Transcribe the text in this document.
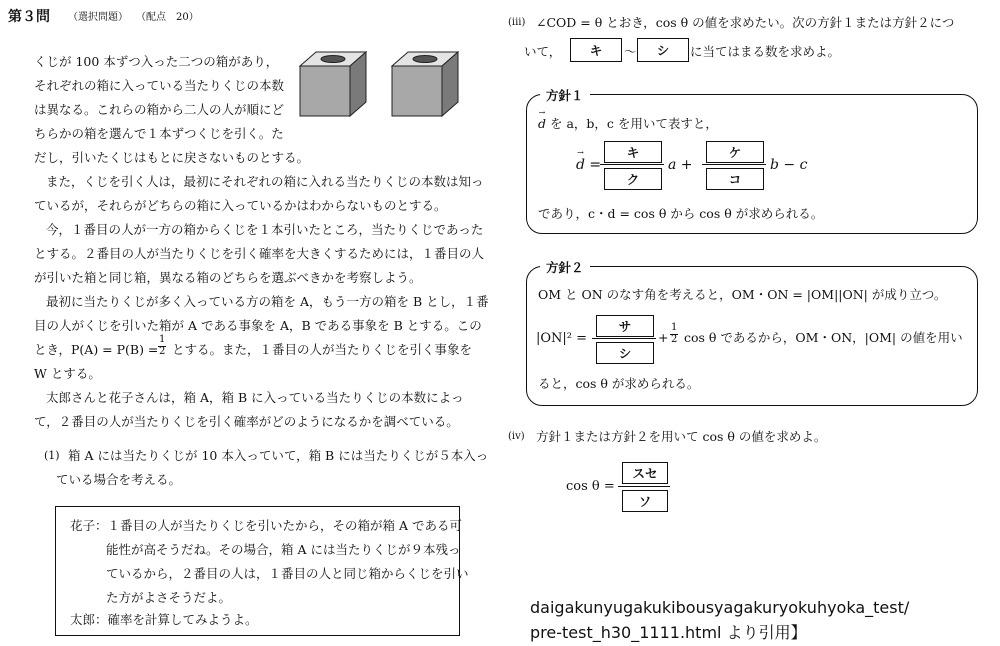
第３問 （選択問題） （配点　20）
くじが 100 本ずつ入った二つの箱があり，
それぞれの箱に入っている当たりくじの本数
は異なる。これらの箱から二人の人が順にど
ちらかの箱を選んで１本ずつくじを引く。た
だし，引いたくじはもとに戻さないものとする。
また，くじを引く人は，最初にそれぞれの箱に入れる当たりくじの本数は知っ
ているが，それらがどちらの箱に入っているかはわからないものとする。
今，１番目の人が一方の箱からくじを１本引いたところ，当たりくじであった
とする。２番目の人が当たりくじを引く確率を大きくするためには，１番目の人
が引いた箱と同じ箱，異なる箱のどちらを選ぶべきかを考察しよう。
最初に当たりくじが多く入っている方の箱を A，もう一方の箱を B とし，１番
目の人がくじを引いた箱が A である事象を A，B である事象を B とする。この
とき，$P(A) = P(B) = \frac{1}{2}$ とする。また，１番目の人が当たりくじを引く事象を
W とする。
太郎さんと花子さんは，箱 A，箱 B に入っている当たりくじの本数によっ
て，２番目の人が当たりくじを引く確率がどのようになるかを調べている。
(1) 箱 A には当たりくじが 10 本入っていて，箱 B には当たりくじが５本入っ
ている場合を考える。
花子：１番目の人が当たりくじを引いたから，その箱が箱 A である可
能性が高そうだね。その場合，箱 A には当たりくじが９本残っ
ているから，２番目の人は，１番目の人と同じ箱からくじを引い
た方がよさそうだよ。
太郎：確率を計算してみようよ。
(iii) ∠COD = θ とおき，cos θ の値を求めたい。次の方針１または方針２につ
いて，	キ	〜	シ	に当てはまる数を求めよ。
方針１
→ d を a，b，c を用いて表すと，
→ d =
キ
ク
a +
ケ
コ
b − c
であり，c・d = cos θ から cos θ が求められる。
方針２
OM と ON のなす角を考えると，OM・ON = |OM||ON| が成り立つ。
|ON|² =
サ
シ
+ $\frac{1}{2}$ cos θ であるから，OM・ON，|OM| の値を用い
ると，cos θ が求められる。
(iv) 方針１または方針２を用いて cos θ の値を求めよ。
cos θ =
スセ
ソ
daigakunyugakukibousyagakuryokuhyoka_test/
pre-test_h30_1111.html より引用】
